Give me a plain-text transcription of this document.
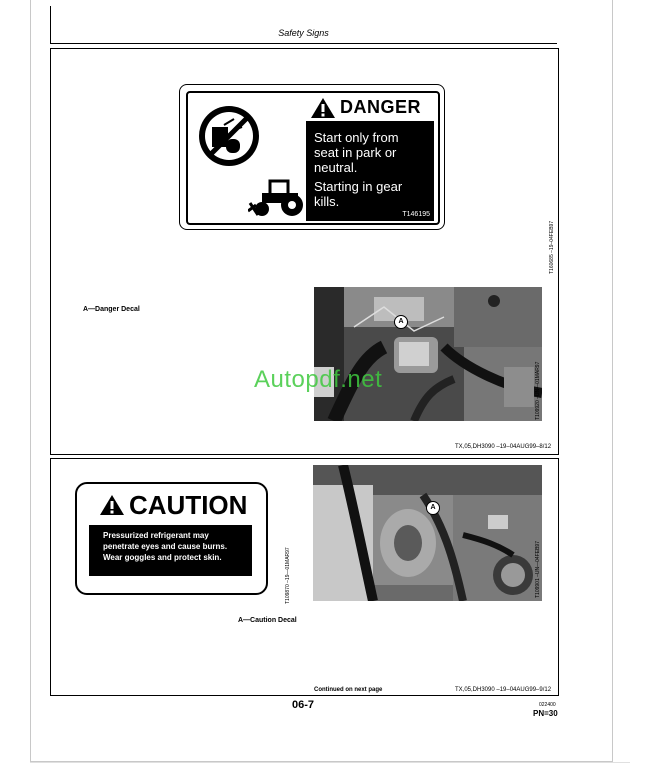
Safety Signs
DANGER
Start only from
seat in park or
neutral.
Starting in gear
kills.
T146195
T160685 –19–04FEB97
A—Danger Decal
A
T109920 –UN—01MAR97
TX,05,DH3090 –19–04AUG99–8/12
Autopdf.net
CAUTION
Pressurized refrigerant may
penetrate eyes and cause burns.
Wear goggles and protect skin.	T109870 –19—01MAR97
A
T109901 –UN—04FEB97
A—Caution Decal
Continued on next page	TX,05,DH3090 –19–04AUG99–9/12
06-7	022400
PN=30
